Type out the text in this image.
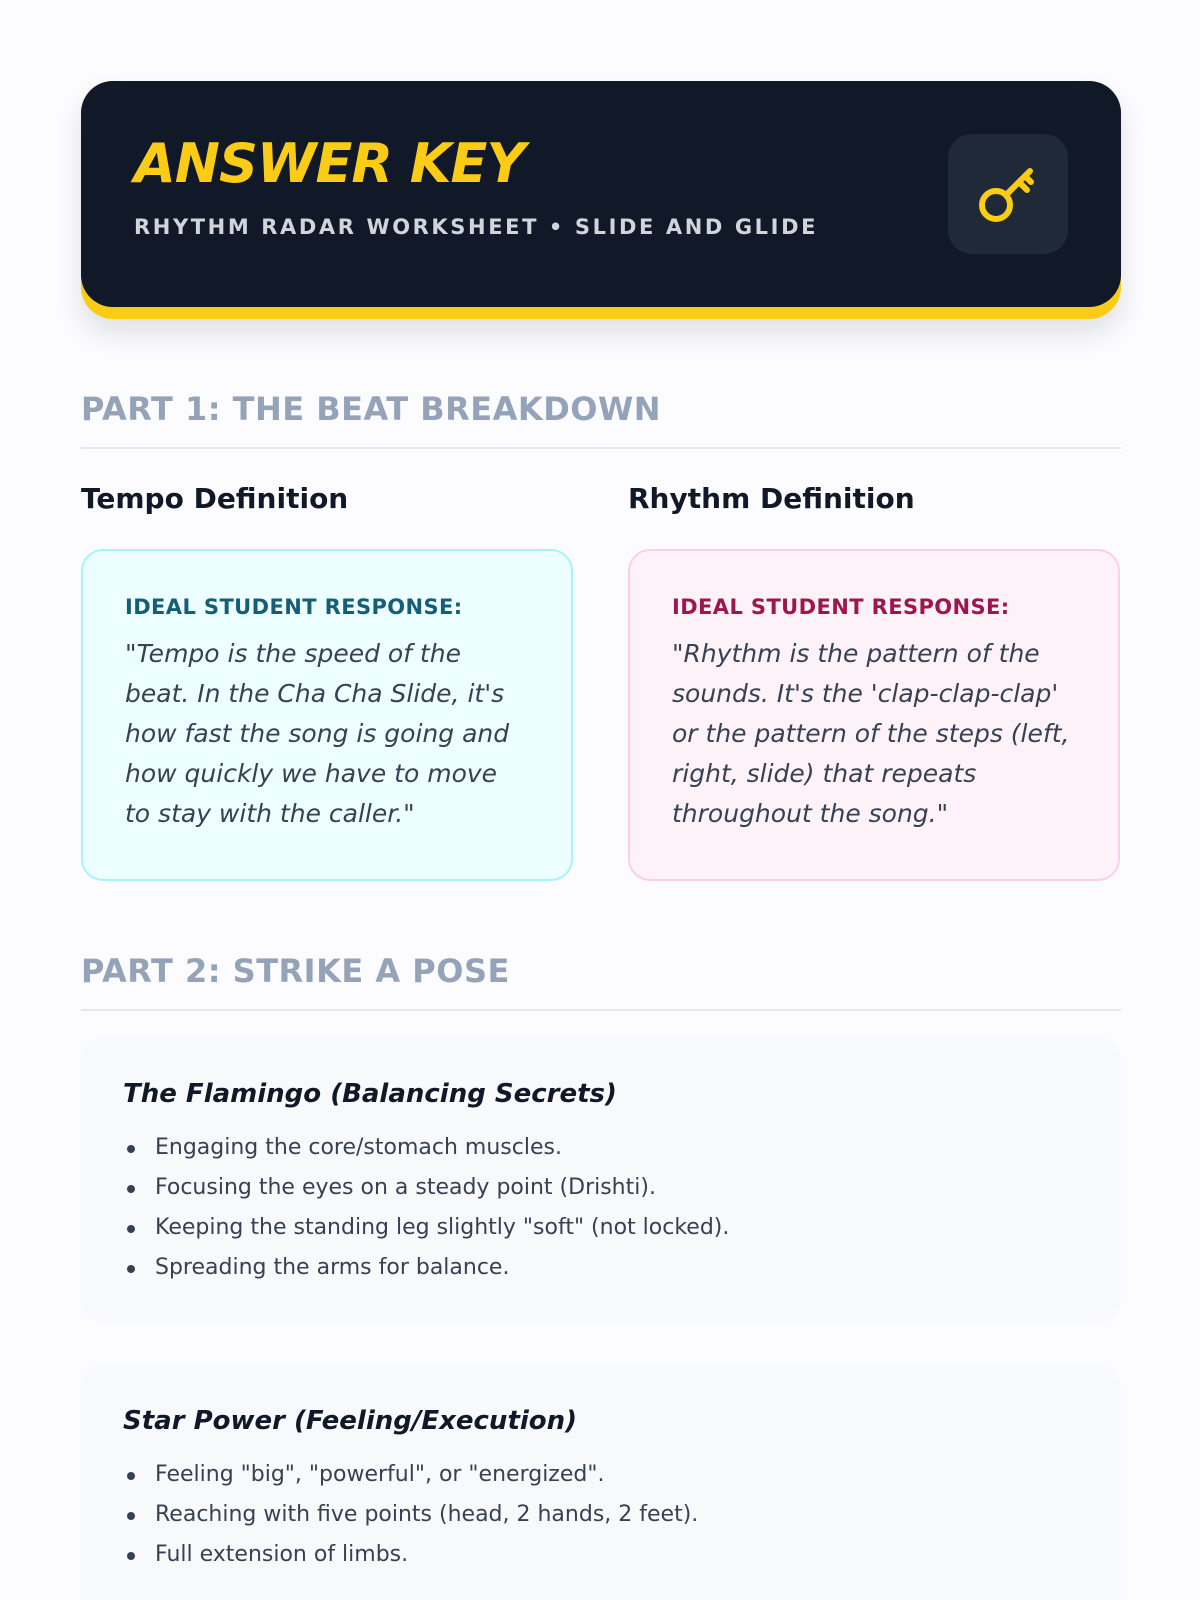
ANSWER KEY
RHYTHM RADAR WORKSHEET • SLIDE AND GLIDE
PART 1: THE BEAT BREAKDOWN
Tempo Definition	Rhythm Definition
IDEAL STUDENT RESPONSE:
"Tempo is the speed of the beat. In the Cha Cha Slide, it's how fast the song is going and how quickly we have to move to stay with the caller."
IDEAL STUDENT RESPONSE:
"Rhythm is the pattern of the sounds. It's the 'clap-clap-clap' or the pattern of the steps (left, right, slide) that repeats throughout the song."
PART 2: STRIKE A POSE
The Flamingo (Balancing Secrets)
Engaging the core/stomach muscles.
Focusing the eyes on a steady point (Drishti).
Keeping the standing leg slightly "soft" (not locked).
Spreading the arms for balance.
Star Power (Feeling/Execution)
Feeling "big", "powerful", or "energized".
Reaching with five points (head, 2 hands, 2 feet).
Full extension of limbs.
